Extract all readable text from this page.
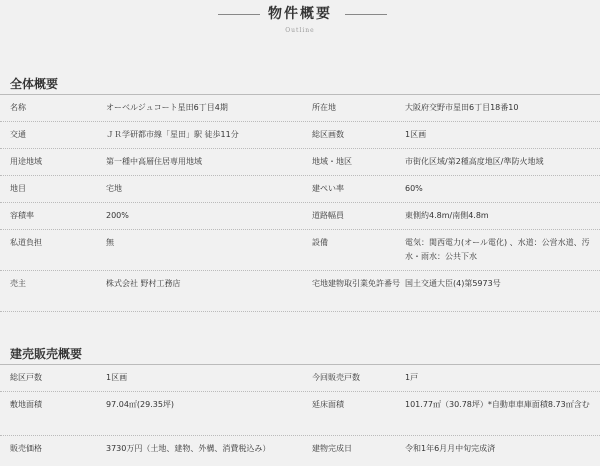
物件概要
Outline
全体概要
名称	オーベルジュコート星田6丁目4期	所在地	大阪府交野市星田6丁目18番10
交通	ＪＲ学研都市線「星田」駅 徒歩11分	総区画数	1区画
用途地域	第一種中高層住居専用地域	地域・地区	市街化区域/第2種高度地区/準防火地域
地目	宅地	建ぺい率	60%
容積率	200%	道路幅員	東側約4.8m/南側4.8m
私道負担	無	設備	電気：関西電力(オール電化) 、水道：公営水道、汚水・雨水：公共下水
売主	株式会社 野村工務店	宅地建物取引業免許番号 国土交通大臣(4)第5973号
建売販売概要
総区戸数	1区画	今回販売戸数	1戸
敷地面積	97.04㎡(29.35坪)	延床面積	101.77㎡（30.78坪）*自動車車庫面積8.73㎡含む
販売価格	3730万円（土地、建物、外構、消費税込み）	建物完成日	令和1年6月月中旬完成済
